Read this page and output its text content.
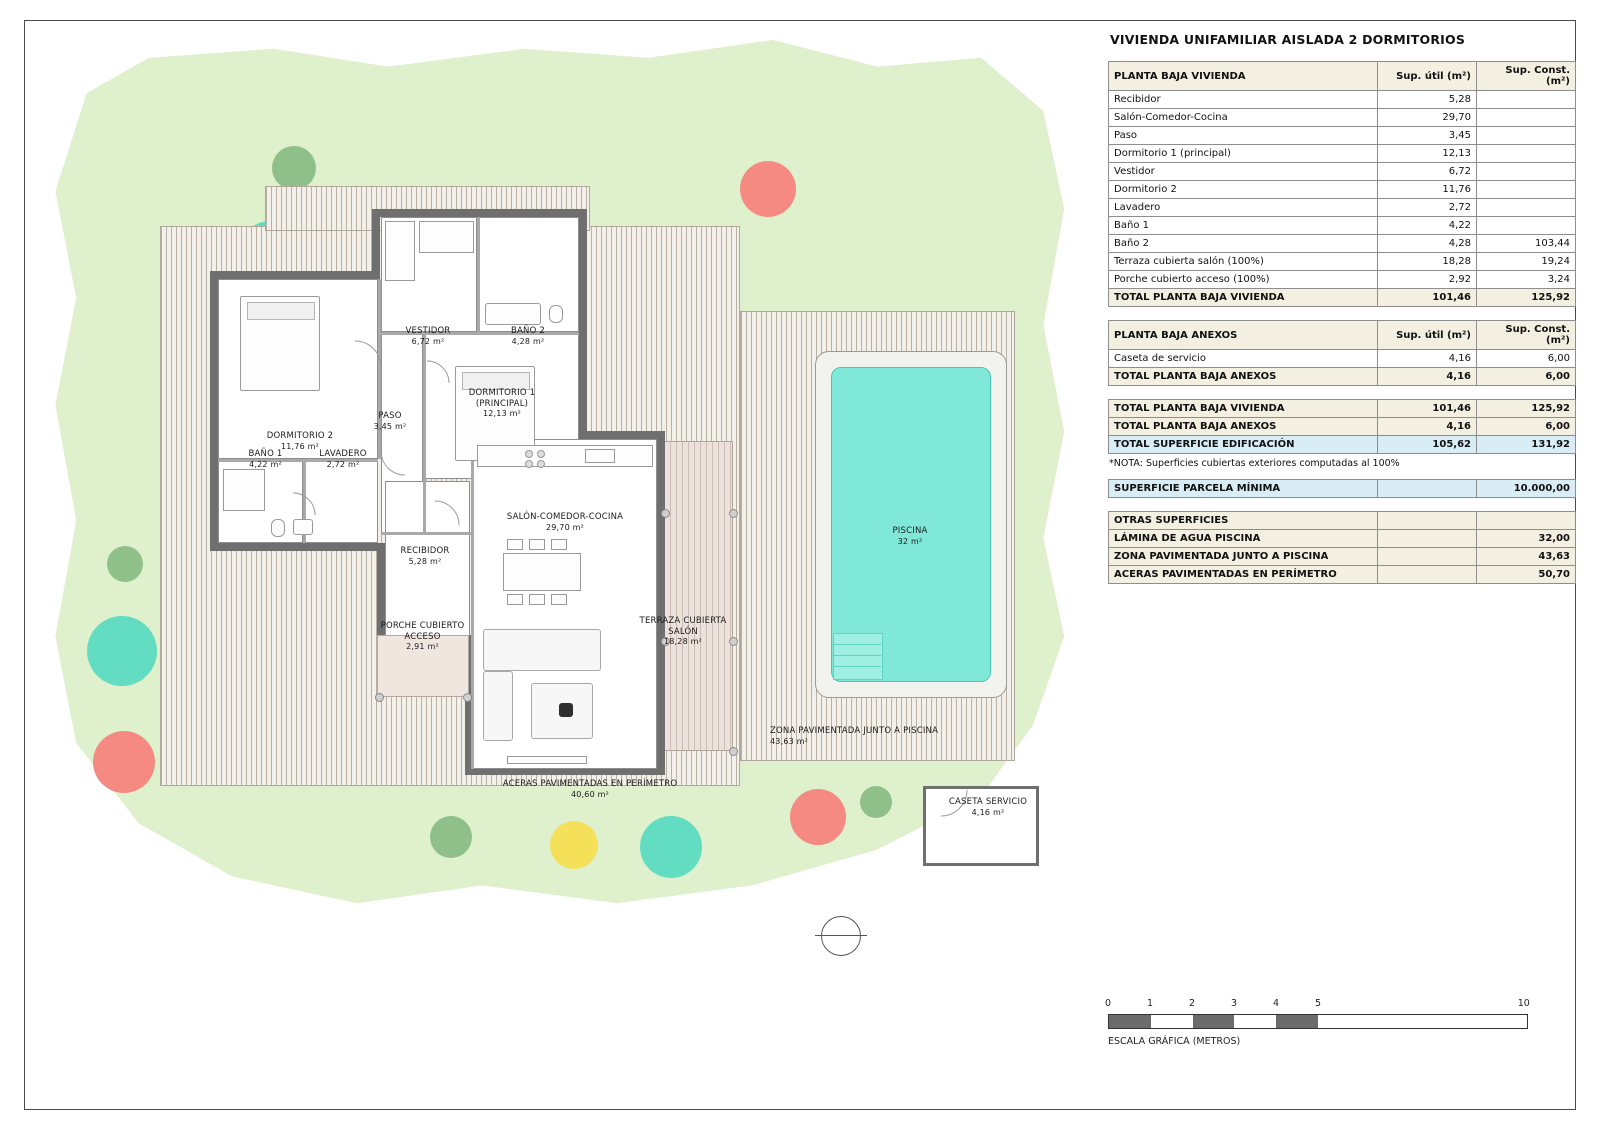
DORMITORIO 2
11,76 m²
VESTIDOR
6,72 m²
BAÑO 2
4,28 m²
DORMITORIO 1
(PRINCIPAL)
12,13 m²
PASO
3,45 m²
BAÑO 1
4,22 m²
LAVADERO
2,72 m²
RECIBIDOR
5,28 m²
SALÓN-COMEDOR-COCINA
29,70 m²
PORCHE CUBIERTO ACCESO
2,91 m²
TERRAZA CUBIERTA SALÓN
18,28 m²
PISCINA
32 m²
ZONA PAVIMENTADA JUNTO A PISCINA
43,63 m²
ACERAS PAVIMENTADAS EN PERÍMETRO
40,60 m²
CASETA SERVICIO
4,16 m²
0	1	2	3	4	5	10
ESCALA GRÁFICA (METROS)
VIVIENDA UNIFAMILIAR AISLADA 2 DORMITORIOS
PLANTA BAJA VIVIENDA	Sup. útil (m²)	Sup. Const. (m²)
Recibidor	5,28	
Salón-Comedor-Cocina	29,70	
Paso	3,45	
Dormitorio 1 (principal)	12,13	
Vestidor	6,72	
Dormitorio 2	11,76	
Lavadero	2,72	
Baño 1	4,22	
Baño 2	4,28	103,44
Terraza cubierta salón (100%)	18,28	19,24
Porche cubierto acceso (100%)	2,92	3,24
TOTAL PLANTA BAJA VIVIENDA	101,46	125,92
PLANTA BAJA ANEXOS	Sup. útil (m²)	Sup. Const. (m²)
Caseta de servicio	4,16	6,00
TOTAL PLANTA BAJA ANEXOS	4,16	6,00
TOTAL PLANTA BAJA VIVIENDA	101,46	125,92
TOTAL PLANTA BAJA ANEXOS	4,16	6,00
TOTAL SUPERFICIE EDIFICACIÓN	105,62	131,92
*NOTA: Superficies cubiertas exteriores computadas al 100%
SUPERFICIE PARCELA MÍNIMA		10.000,00
OTRAS SUPERFICIES		
LÁMINA DE AGUA PISCINA		32,00
ZONA PAVIMENTADA JUNTO A PISCINA		43,63
ACERAS PAVIMENTADAS EN PERÍMETRO		50,70
